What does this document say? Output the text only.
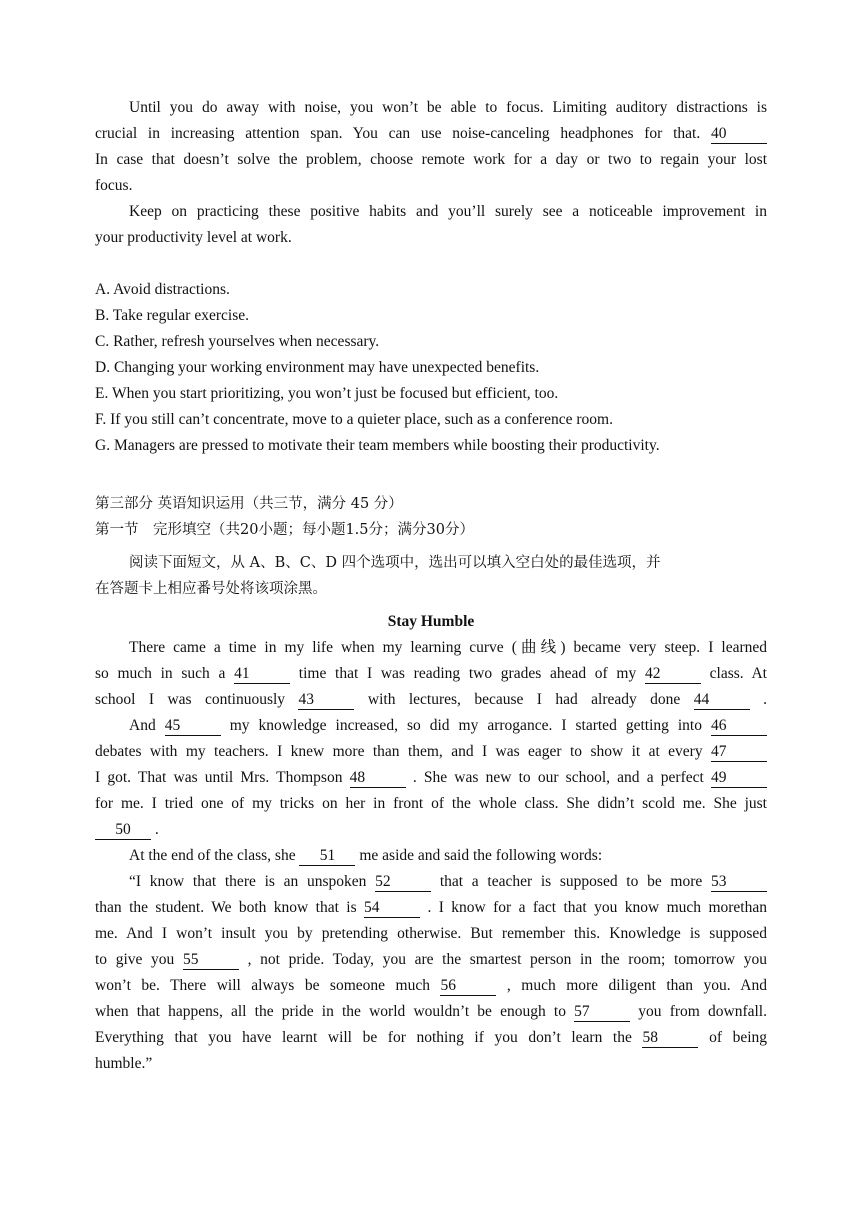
Until you do away with noise, you won’t be able to focus. Limiting auditory distractions is
crucial in increasing attention span. You can use noise-canceling headphones for that. 40
In case that doesn’t solve the problem, choose remote work for a day or two to regain your lost
focus.
Keep on practicing these positive habits and you’ll surely see a noticeable improvement in
your productivity level at work.
A. Avoid distractions.
B. Take regular exercise.
C. Rather, refresh yourselves when necessary.
D. Changing your working environment may have unexpected benefits.
E. When you start prioritizing, you won’t just be focused but efficient, too.
F. If you still can’t concentrate, move to a quieter place, such as a conference room.
G. Managers are pressed to motivate their team members while boosting their productivity.
第三部分 英语知识运用（共三节，满分 45 分）
第一节　完形填空（共20小题；每小题1.5分；满分30分）
阅读下面短文，从 A、B、C、D 四个选项中，选出可以填入空白处的最佳选项，并
在答题卡上相应番号处将该项涂黑。
Stay Humble
There came a time in my life when my learning curve (曲线) became very steep. I learned
so much in such a 41	time that I was reading two grades ahead of my 42	class. At
school I was continuously 43	with lectures, because I had already done 44	.
And 45	my knowledge increased, so did my arrogance. I started getting into 46
debates with my teachers. I knew more than them, and I was eager to show it at every 47
I got. That was until Mrs. Thompson 48	. She was new to our school, and a perfect 49
for me. I tried one of my tricks on her in front of the whole class. She didn’t scold me. She just
50 .
At the end of the class, she 51 me aside and said the following words:
“I know that there is an unspoken 52	that a teacher is supposed to be more 53
than the student. We both know that is 54	. I know for a fact that you know much morethan
me. And I won’t insult you by pretending otherwise. But remember this. Knowledge is supposed
to give you 55	, not pride. Today, you are the smartest person in the room; tomorrow you
won’t be. There will always be someone much 56	, much more diligent than you. And
when that happens, all the pride in the world wouldn’t be enough to 57	you from downfall.
Everything that you have learnt will be for nothing if you don’t learn the 58	of being
humble.”
